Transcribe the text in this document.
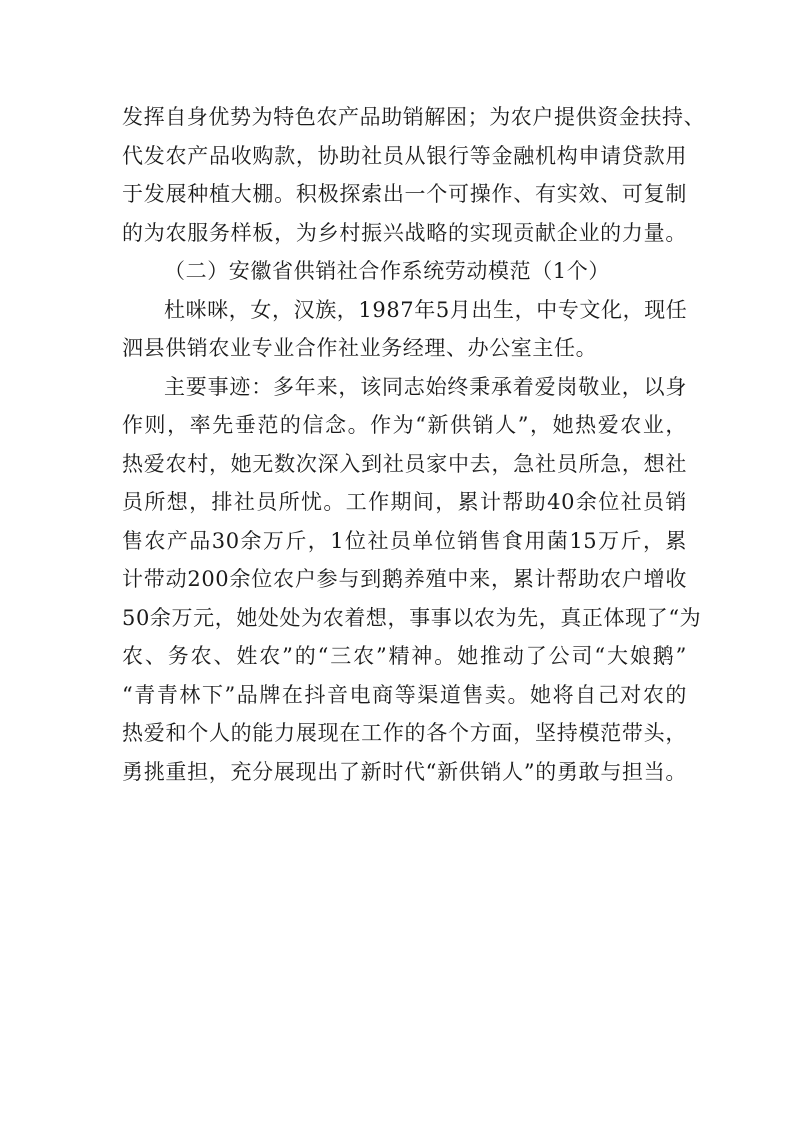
发挥自身优势为特色农产品助销解困；为农户提供资金扶持、
代发农产品收购款，协助社员从银行等金融机构申请贷款用
于发展种植大棚。积极探索出一个可操作、有实效、可复制
的为农服务样板，为乡村振兴战略的实现贡献企业的力量。
（二）安徽省供销社合作系统劳动模范（1个）
杜咪咪，女，汉族，1987年5月出生，中专文化，现任
泗县供销农业专业合作社业务经理、办公室主任。
主要事迹：多年来，该同志始终秉承着爱岗敬业，以身
作则，率先垂范的信念。作为“新供销人”，她热爱农业，
热爱农村，她无数次深入到社员家中去，急社员所急，想社
员所想，排社员所忧。工作期间，累计帮助40余位社员销
售农产品30余万斤，1位社员单位销售食用菌15万斤，累
计带动200余位农户参与到鹅养殖中来，累计帮助农户增收
50余万元，她处处为农着想，事事以农为先，真正体现了“为
农、务农、姓农”的“三农”精神。她推动了公司“大娘鹅”
“青青林下”品牌在抖音电商等渠道售卖。她将自己对农的
热爱和个人的能力展现在工作的各个方面，坚持模范带头，
勇挑重担，充分展现出了新时代“新供销人”的勇敢与担当。
